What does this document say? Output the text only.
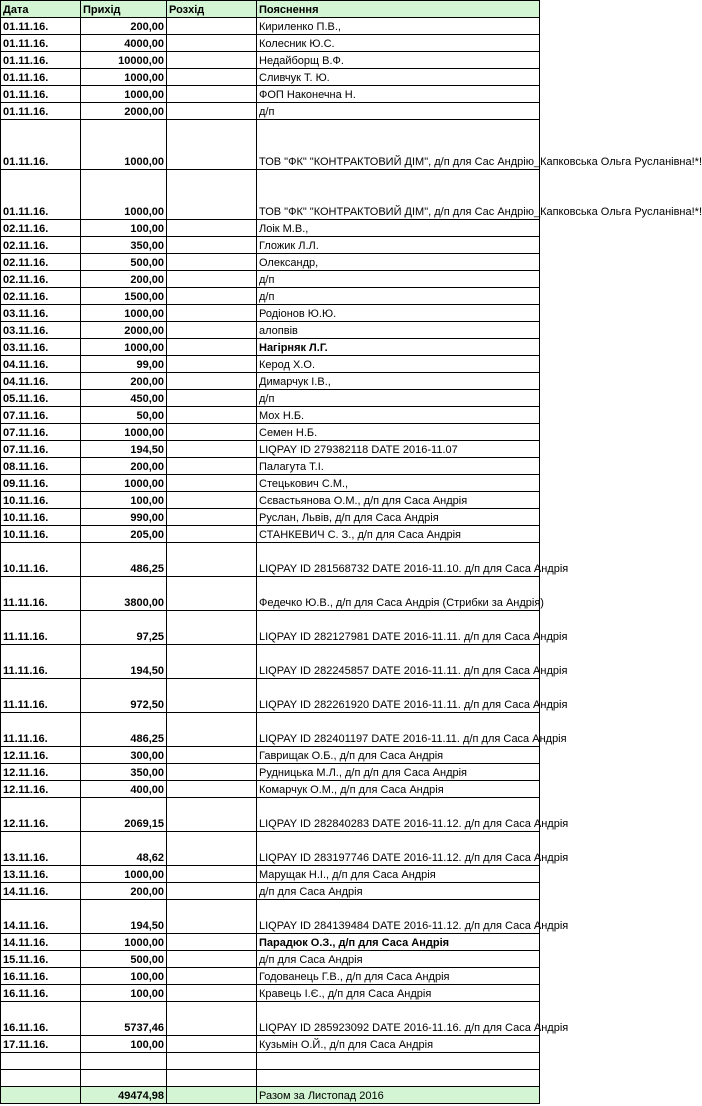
Дата	Прихід	Розхід	Пояснення
01.11.16.	200,00		Кириленко П.В.,
01.11.16.	4000,00		Колесник Ю.С.
01.11.16.	10000,00		Недайборщ В.Ф.
01.11.16.	1000,00		Сливчук Т. Ю.
01.11.16.	1000,00		ФОП Наконечна Н.
01.11.16.	2000,00		д/п
01.11.16.	1000,00		ТОВ "ФК" "КОНТРАКТОВИЙ ДІМ", д/п для Сас Андрію_Капковська Ольга Русланівна!*!
01.11.16.	1000,00		ТОВ "ФК" "КОНТРАКТОВИЙ ДІМ", д/п для Сас Андрію_Капковська Ольга Русланівна!*!
02.11.16.	100,00		Лоік М.В.,
02.11.16.	350,00		Гложик Л.Л.
02.11.16.	500,00		Олександр,
02.11.16.	200,00		д/п
02.11.16.	1500,00		д/п
03.11.16.	1000,00		Родіонов Ю.Ю.
03.11.16.	2000,00		алопвів
03.11.16.	1000,00		Нагірняк Л.Г.
04.11.16.	99,00		Керод Х.О.
04.11.16.	200,00		Димарчук І.В.,
05.11.16.	450,00		д/п
07.11.16.	50,00		Мох Н.Б.
07.11.16.	1000,00		Семен Н.Б.
07.11.16.	194,50		LIQPAY ID 279382118 DATE 2016-11.07
08.11.16.	200,00		Палагута Т.І.
09.11.16.	1000,00		Стецькович С.М.,
10.11.16.	100,00		Сєвастьянова О.М., д/п для Саса Андрія
10.11.16.	990,00		Руслан, Львів, д/п для Саса Андрія
10.11.16.	205,00		СТАНКЕВИЧ С. З., д/п для Саса Андрія
10.11.16.	486,25		LIQPAY ID 281568732 DATE 2016-11.10. д/п для Саса Андрія
11.11.16.	3800,00		Федечко Ю.В., д/п для Саса Андрія (Стрибки за Андрія)
11.11.16.	97,25		LIQPAY ID 282127981 DATE 2016-11.11. д/п для Саса Андрія
11.11.16.	194,50		LIQPAY ID 282245857 DATE 2016-11.11. д/п для Саса Андрія
11.11.16.	972,50		LIQPAY ID 282261920 DATE 2016-11.11. д/п для Саса Андрія
11.11.16.	486,25		LIQPAY ID 282401197 DATE 2016-11.11. д/п для Саса Андрія
12.11.16.	300,00		Гаврищак О.Б., д/п для Саса Андрія
12.11.16.	350,00		Рудницька М.Л., д/п д/п для Саса Андрія
12.11.16.	400,00		Комарчук О.М., д/п для Саса Андрія
12.11.16.	2069,15		LIQPAY ID 282840283 DATE 2016-11.12. д/п для Саса Андрія
13.11.16.	48,62		LIQPAY ID 283197746 DATE 2016-11.12. д/п для Саса Андрія
13.11.16.	1000,00		Марущак Н.І., д/п для Саса Андрія
14.11.16.	200,00		д/п для Саса Андрія
14.11.16.	194,50		LIQPAY ID 284139484 DATE 2016-11.12. д/п для Саса Андрія
14.11.16.	1000,00		Парадюк О.З., д/п для Саса Андрія
15.11.16.	500,00		д/п для Саса Андрія
16.11.16.	100,00		Годованець Г.В., д/п для Саса Андрія
16.11.16.	100,00		Кравець І.Є., д/п для Саса Андрія
16.11.16.	5737,46		LIQPAY ID 285923092 DATE 2016-11.16. д/п для Саса Андрія
17.11.16.	100,00		Кузьмін О.Й., д/п для Саса Андрія

	49474,98		Разом за Листопад 2016
